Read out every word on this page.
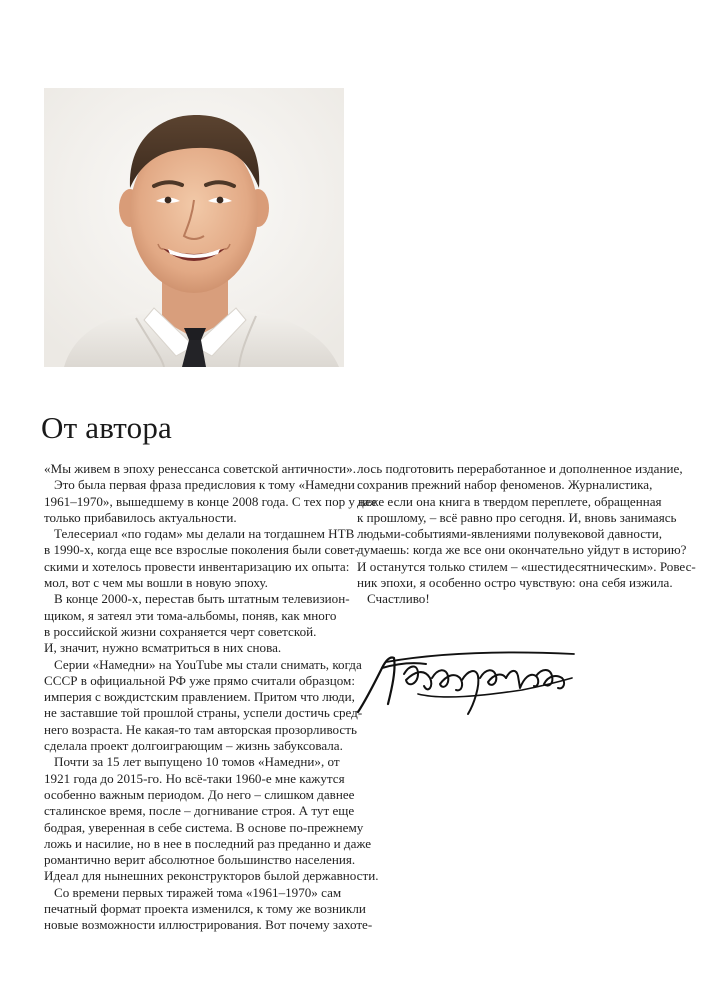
От автора
«Мы живем в эпоху ренессанса советской античности».
Это была первая фраза предисловия к тому «Намедни
1961–1970», вышедшему в конце 2008 года. С тех пор у нее
только прибавилось актуальности.
Телесериал «по годам» мы делали на тогдашнем НТВ
в 1990-х, когда еще все взрослые поколения были совет-
скими и хотелось провести инвентаризацию их опыта:
мол, вот с чем мы вошли в новую эпоху.
В конце 2000-х, перестав быть штатным телевизион-
щиком, я затеял эти тома-альбомы, поняв, как много
в российской жизни сохраняется черт советской.
И, значит, нужно всматриться в них снова.
Серии «Намедни» на YouTube мы стали снимать, когда
СССР в официальной РФ уже прямо считали образцом:
империя с вождистским правлением. Притом что люди,
не заставшие той прошлой страны, успели достичь сред-
него возраста. Не какая-то там авторская прозорливость
сделала проект долгоиграющим – жизнь забуксовала.
Почти за 15 лет выпущено 10 томов «Намедни», от
1921 года до 2015-го. Но всё-таки 1960-е мне кажутся
особенно важным периодом. До него – слишком давнее
сталинское время, после – догнивание строя. А тут еще
бодрая, уверенная в себе система. В основе по-прежнему
ложь и насилие, но в нее в последний раз преданно и даже
романтично верит абсолютное большинство населения.
Идеал для нынешних реконструкторов былой державности.
Со времени первых тиражей тома «1961–1970» сам
печатный формат проекта изменился, к тому же возникли
новые возможности иллюстрирования. Вот почему захоте-
лось подготовить переработанное и дополненное издание,
сохранив прежний набор феноменов. Журналистика,
даже если она книга в твердом переплете, обращенная
к прошлому, – всё равно про сегодня. И, вновь занимаясь
людьми-событиями-явлениями полувековой давности,
думаешь: когда же все они окончательно уйдут в историю?
И останутся только стилем – «шестидесятническим». Ровес-
ник эпохи, я особенно остро чувствую: она себя изжила.
Счастливо!
